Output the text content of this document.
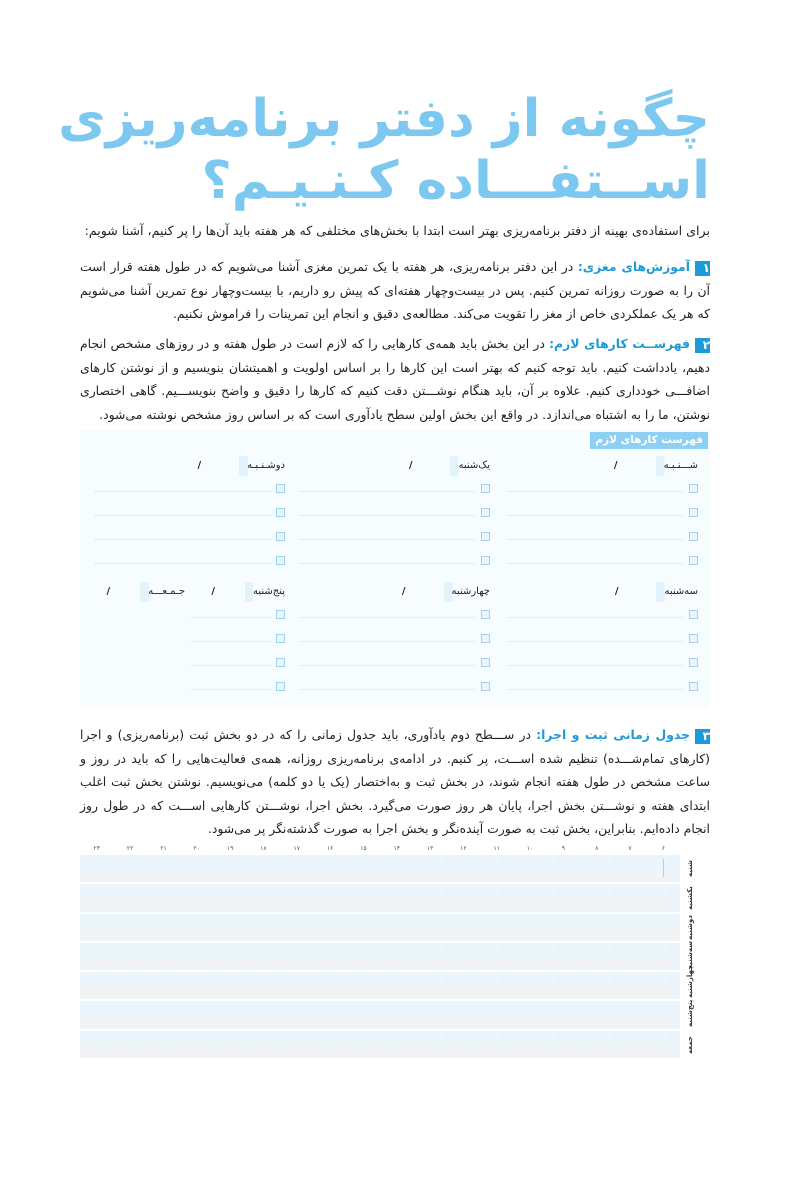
چگونه از دفتر برنامه‌ریزی
اســتفـــاده کـنـیـم؟

برای استفاده‌ی بهینه از دفتر برنامه‌ریزی بهتر است ابتدا با بخش‌های مختلفی که هر هفته باید آن‌ها را پر کنیم، آشنا شویم:

۱آموزش‌های مغزی: در این دفتر برنامه‌ریزی، هر هفته با یک تمرین مغزی آشنا می‌شویم که در طول هفته قرار است آن را به صورت روزانه تمرین کنیم. پس در بیست‌وچهار هفته‌ای که پیش رو داریم، با بیست‌وچهار نوع تمرین آشنا می‌شویم که هر یک عملکردی خاص از مغز را تقویت می‌کند. مطالعه‌ی دقیق و انجام این تمرینات را فراموش نکنیم.

۲فهرســت کارهای لازم: در این بخش باید همه‌ی کارهایی را که لازم است در طول هفته و در روزهای مشخص انجام دهیم، یادداشت کنیم. باید توجه کنیم که بهتر است این کارها را بر اساس اولویت و اهمیتشان بنویسیم و از نوشتن کارهای اضافـــی خودداری کنیم. علاوه بر آن، باید هنگام نوشـــتن دقت کنیم که کارها را دقیق و واضح بنویســـیم. گاهی اختصاری نوشتن، ما را به اشتباه می‌اندازد. در واقع این بخش اولین سطح یادآوری است که بر اساس روز مشخص نوشته می‌شود.

فهرست کارهای لازم
شـــنـبـه/
یک‌شنبه/
دوشـنـبـه/
سه‌شنبه/
چهارشنبه/
پنج‌شنبه/
جـمـعـــه/

۳جدول زمانی ثبت و اجرا: در ســـطح دوم یادآوری، باید جدول زمانی را که در دو بخش ثبت (برنامه‌ریزی) و اجرا (کارهای تمام‌شـــده) تنظیم شده اســـت، پر کنیم. در ادامه‌ی برنامه‌ریزی روزانه، همه‌ی فعالیت‌هایی را که باید در روز و ساعت مشخص در طول هفته انجام شوند، در بخش ثبت و به‌اختصار (یک یا دو کلمه) می‌نویسیم. نوشتن بخش ثبت اغلب ابتدای هفته و نوشـــتن بخش اجرا، پایان هر روز صورت می‌گیرد. بخش اجرا، نوشـــتن کارهایی اســـت که در طول روز انجام داده‌ایم. بنابراین، بخش ثبت به صورت آینده‌نگر و بخش اجرا به صورت گذشته‌نگر پر می‌شود.

۶
۷
۸
۹
۱۰
۱۱
۱۲
۱۳
۱۴
۱۵
۱۶
۱۷
۱۸
۱۹
۲۰
۲۱
۲۲
۲۳
شنبه
یکشنبه
دوشنبه
سه‌شنبه
چهارشنبه
پنج‌شنبه
جمعه
